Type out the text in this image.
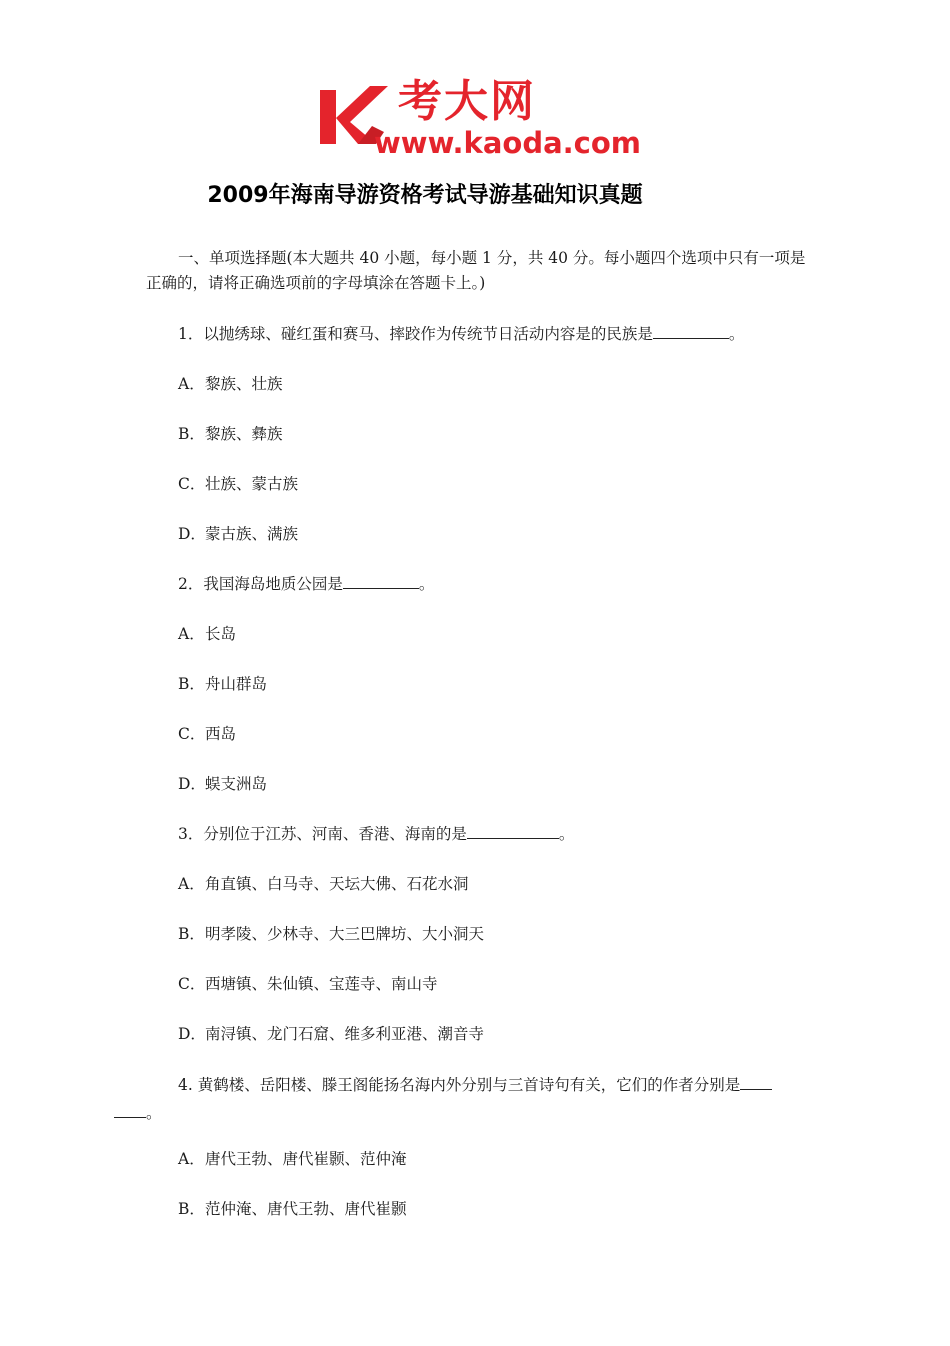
考大网
www.kaoda.com
2009年海南导游资格考试导游基础知识真题
一、单项选择题(本大题共 40 小题，每小题 1 分，共 40 分。每小题四个选项中只有一项是正确的，请将正确选项前的字母填涂在答题卡上。)
1．以抛绣球、碰红蛋和赛马、摔跤作为传统节日活动内容是的民族是	。
A．黎族、壮族
B．黎族、彝族
C．壮族、蒙古族
D．蒙古族、满族
2．我国海岛地质公园是	。
A．长岛
B．舟山群岛
C．西岛
D．蜈支洲岛
3．分别位于江苏、河南、香港、海南的是	。
A．角直镇、白马寺、天坛大佛、石花水洞
B．明孝陵、少林寺、大三巴牌坊、大小洞天
C．西塘镇、朱仙镇、宝莲寺、南山寺
D．南浔镇、龙门石窟、维多利亚港、潮音寺
4. 黄鹤楼、岳阳楼、滕王阁能扬名海内外分别与三首诗句有关，它们的作者分别是
。
A．唐代王勃、唐代崔颢、范仲淹
B．范仲淹、唐代王勃、唐代崔颢
